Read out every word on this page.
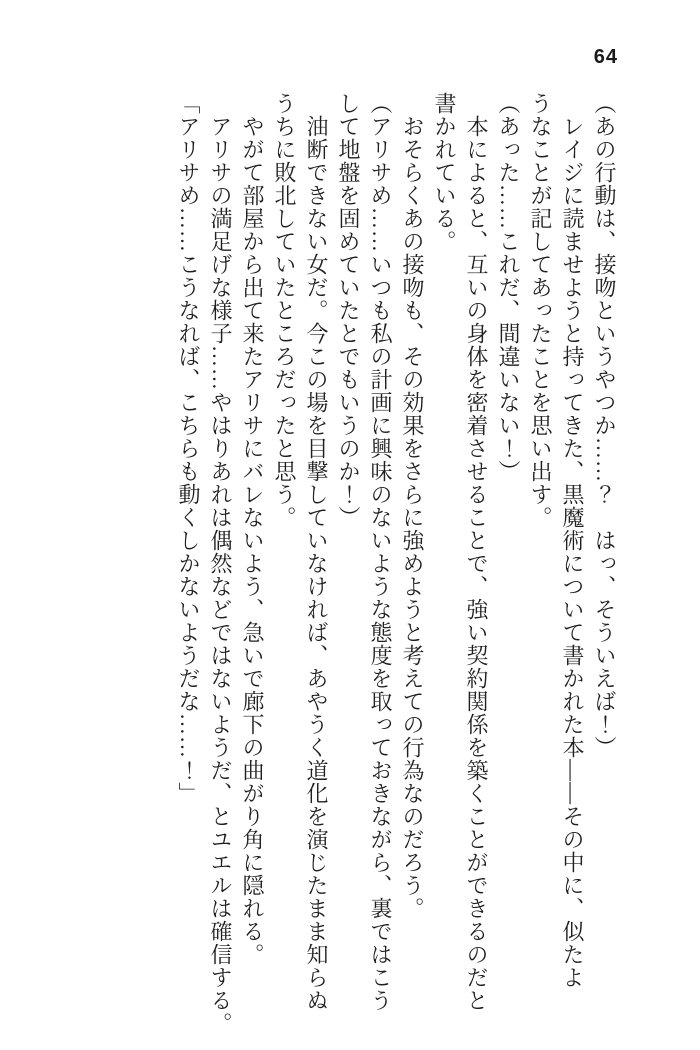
64

（あの行動は、接吻というやつか……？　はっ、そういえば！）

　レイジに読ませようと持ってきた、黒魔術について書かれた本——その中に、似たよ

うなことが記してあったことを思い出す。

（あった……これだ、間違いない！）

　本によると、互いの身体を密着させることで、強い契約関係を築くことができるのだと

書かれている。

　おそらくあの接吻も、その効果をさらに強めようと考えての行為なのだろう。

（アリサめ……いつも私の計画に興味のないような態度を取っておきながら、裏ではこう

して地盤を固めていたとでもいうのか！）

　油断できない女だ。今この場を目撃していなければ、あやうく道化を演じたまま知らぬ

うちに敗北していたところだったと思う。

　やがて部屋から出て来たアリサにバレないよう、急いで廊下の曲がり角に隠れる。

　アリサの満足げな様子……やはりあれは偶然などではないようだ、とユエルは確信する。

「アリサめ……こうなれば、こちらも動くしかないようだな……！」
